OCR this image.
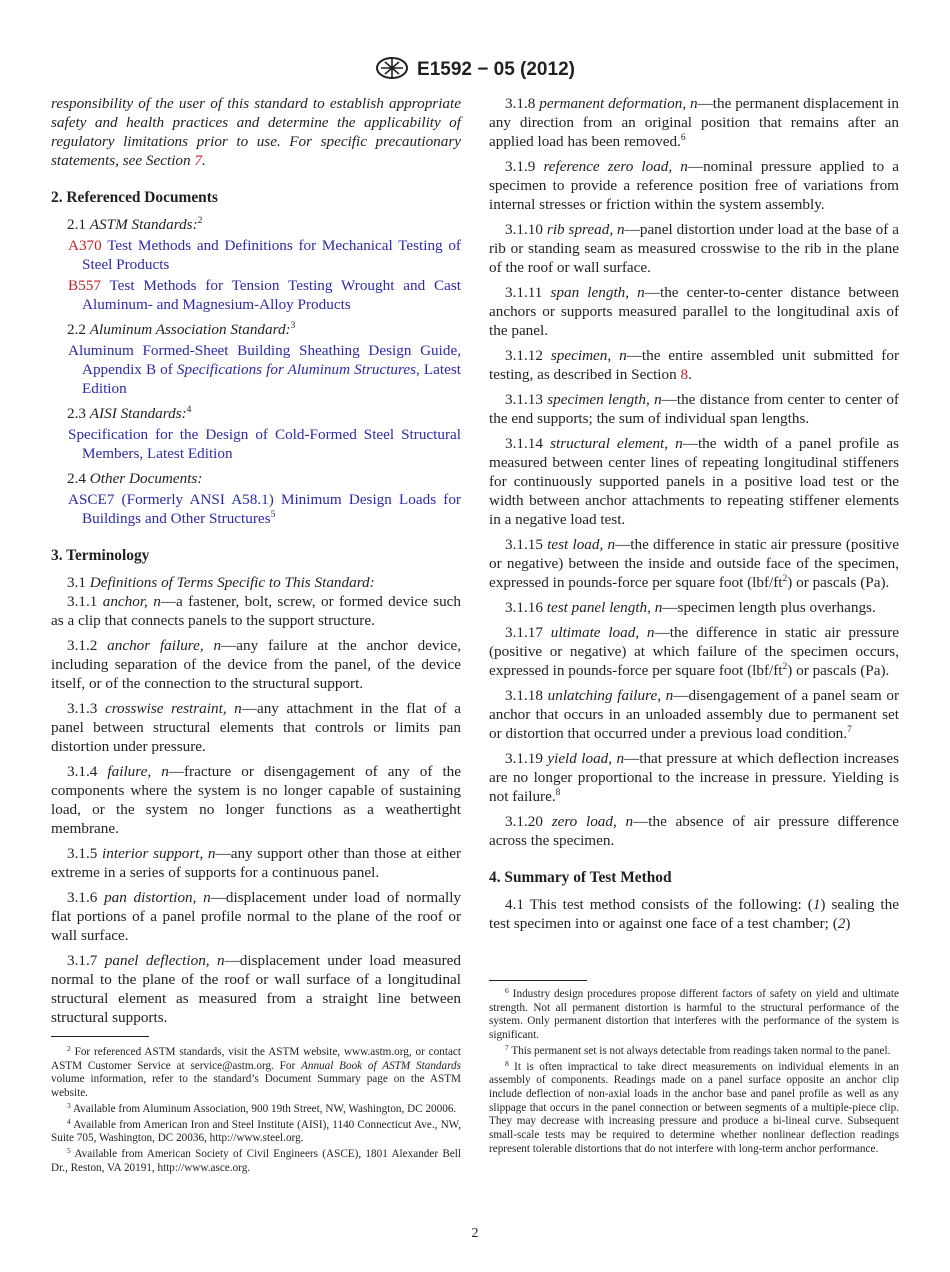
E1592 − 05 (2012)

responsibility of the user of this standard to establish appropriate safety and health practices and determine the applicability of regulatory limitations prior to use. For specific precautionary statements, see Section 7.

2. Referenced Documents
2.1 ASTM Standards:$^2$
A370 Test Methods and Definitions for Mechanical Testing of Steel Products
B557 Test Methods for Tension Testing Wrought and Cast Aluminum- and Magnesium-Alloy Products
2.2 Aluminum Association Standard:$^3$
Aluminum Formed-Sheet Building Sheathing Design Guide, Appendix B of Specifications for Aluminum Structures, Latest Edition
2.3 AISI Standards:$^4$
Specification for the Design of Cold-Formed Steel Structural Members, Latest Edition
2.4 Other Documents:
ASCE7 (Formerly ANSI A58.1) Minimum Design Loads for Buildings and Other Structures$^5$
3. Terminology

3.1 Definitions of Terms Specific to This Standard:

3.1.1 anchor, n—a fastener, bolt, screw, or formed device such as a clip that connects panels to the support structure.

3.1.2 anchor failure, n—any failure at the anchor device, including separation of the device from the panel, of the device itself, or of the connection to the structural support.

3.1.3 crosswise restraint, n—any attachment in the flat of a panel between structural elements that controls or limits pan distortion under pressure.

3.1.4 failure, n—fracture or disengagement of any of the components where the system is no longer capable of sustaining load, or the system no longer functions as a weathertight membrane.

3.1.5 interior support, n—any support other than those at either extreme in a series of supports for a continuous panel.

3.1.6 pan distortion, n—displacement under load of normally flat portions of a panel profile normal to the plane of the roof or wall surface.

3.1.7 panel deflection, n—displacement under load measured normal to the plane of the roof or wall surface of a longitudinal structural element as measured from a straight line between structural supports.

3.1.8 permanent deformation, n—the permanent displacement in any direction from an original position that remains after an applied load has been removed.$^6$

3.1.9 reference zero load, n—nominal pressure applied to a specimen to provide a reference position free of variations from internal stresses or friction within the system assembly.

3.1.10 rib spread, n—panel distortion under load at the base of a rib or standing seam as measured crosswise to the rib in the plane of the roof or wall surface.

3.1.11 span length, n—the center-to-center distance between anchors or supports measured parallel to the longitudinal axis of the panel.

3.1.12 specimen, n—the entire assembled unit submitted for testing, as described in Section 8.

3.1.13 specimen length, n—the distance from center to center of the end supports; the sum of individual span lengths.

3.1.14 structural element, n—the width of a panel profile as measured between center lines of repeating longitudinal stiffeners for continuously supported panels in a positive load test or the width between anchor attachments to repeating stiffener elements in a negative load test.

3.1.15 test load, n—the difference in static air pressure (positive or negative) between the inside and outside face of the specimen, expressed in pounds-force per square foot $(lbf/ft^2)$ or pascals (Pa).

3.1.16 test panel length, n—specimen length plus overhangs.

3.1.17 ultimate load, n—the difference in static air pressure (positive or negative) at which failure of the specimen occurs, expressed in pounds-force per square foot $(lbf/ft^2)$ or pascals (Pa).

3.1.18 unlatching failure, n—disengagement of a panel seam or anchor that occurs in an unloaded assembly due to permanent set or distortion that occurred under a previous load condition.$^7$

3.1.19 yield load, n—that pressure at which deflection increases are no longer proportional to the increase in pressure. Yielding is not failure.$^8$

3.1.20 zero load, n—the absence of air pressure difference across the specimen.

4. Summary of Test Method

4.1 This test method consists of the following: (1) sealing the test specimen into or against one face of a test chamber; (2)

$^2$ For referenced ASTM standards, visit the ASTM website, www.astm.org, or contact ASTM Customer Service at service@astm.org. For Annual Book of ASTM Standards volume information, refer to the standard’s Document Summary page on the ASTM website.

$^3$ Available from Aluminum Association, 900 19th Street, NW, Washington, DC 20006.

$^4$ Available from American Iron and Steel Institute (AISI), 1140 Connecticut Ave., NW, Suite 705, Washington, DC 20036, http://www.steel.org.

$^5$ Available from American Society of Civil Engineers (ASCE), 1801 Alexander Bell Dr., Reston, VA 20191, http://www.asce.org.

$^6$ Industry design procedures propose different factors of safety on yield and ultimate strength. Not all permanent distortion is harmful to the structural performance of the system. Only permanent distortion that interferes with the performance of the system is significant.

$^7$ This permanent set is not always detectable from readings taken normal to the panel.

$^8$ It is often impractical to take direct measurements on individual elements in an assembly of components. Readings made on a panel surface opposite an anchor clip include deflection of non-axial loads in the anchor base and panel profile as well as any slippage that occurs in the panel connection or between segments of a multiple-piece clip. They may decrease with increasing pressure and produce a bi-lineal curve. Subsequent small-scale tests may be required to determine whether nonlinear deflection readings represent tolerable distortions that do not interfere with long-term anchor performance.

2
